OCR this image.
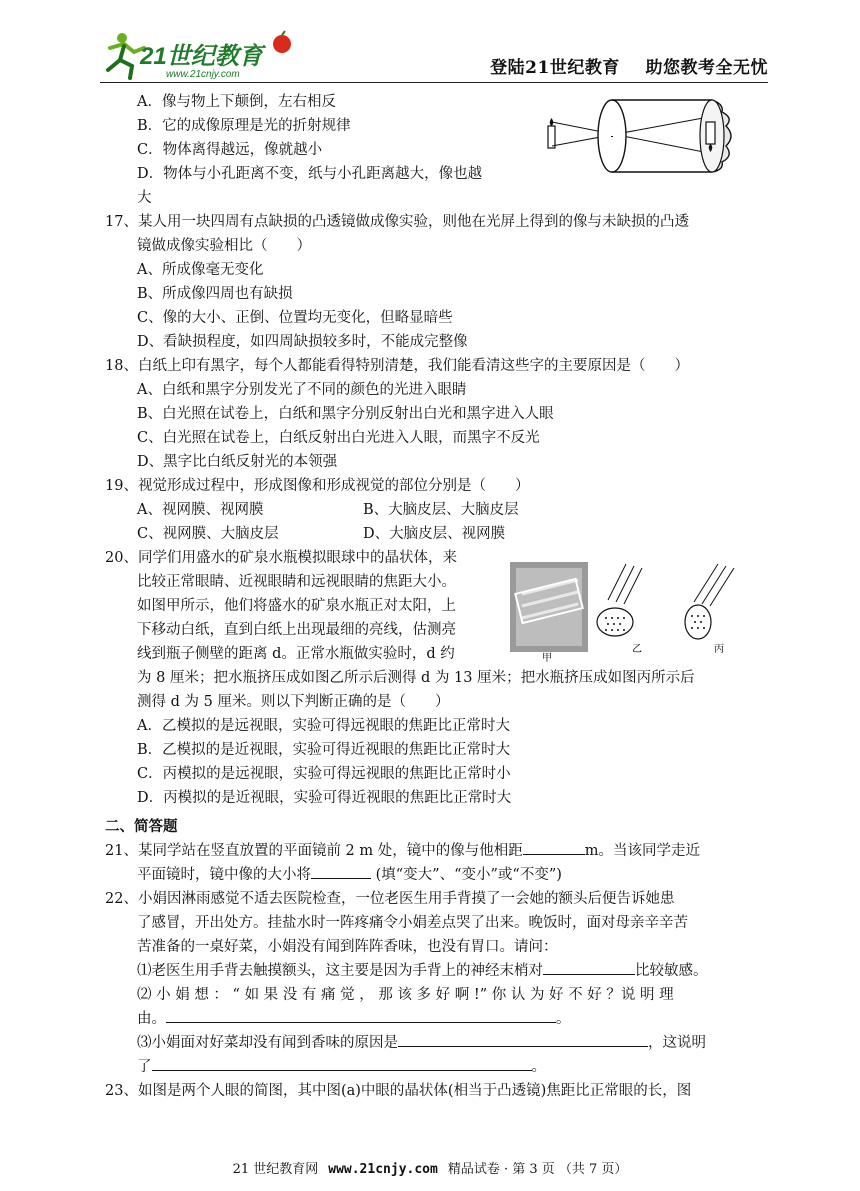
21世纪教育
www.21cnjy.com	登陆21世纪教育    助您教考全无忧
甲
乙	丙
A．像与物上下颠倒，左右相反
B．它的成像原理是光的折射规律
C．物体离得越远，像就越小
D．物体与小孔距离不变，纸与小孔距离越大，像也越
大
17、某人用一块四周有点缺损的凸透镜做成像实验，则他在光屏上得到的像与未缺损的凸透
镜做成像实验相比（　　）
A、所成像毫无变化
B、所成像四周也有缺损
C、像的大小、正倒、位置均无变化，但略显暗些
D、看缺损程度，如四周缺损较多时，不能成完整像
18、白纸上印有黑字，每个人都能看得特别清楚，我们能看清这些字的主要原因是（　　）
A、白纸和黑字分别发光了不同的颜色的光进入眼睛
B、白光照在试卷上，白纸和黑字分别反射出白光和黑字进入人眼
C、白光照在试卷上，白纸反射出白光进入人眼，而黑字不反光
D、黑字比白纸反射光的本领强
19、视觉形成过程中，形成图像和形成视觉的部位分别是（　　）
A、视网膜、视网膜	B、大脑皮层、大脑皮层
C、视网膜、大脑皮层	D、大脑皮层、视网膜
20、同学们用盛水的矿泉水瓶模拟眼球中的晶状体，来
比较正常眼睛、近视眼睛和远视眼睛的焦距大小。
如图甲所示，他们将盛水的矿泉水瓶正对太阳，上
下移动白纸，直到白纸上出现最细的亮线，估测亮
线到瓶子侧壁的距离 d。正常水瓶做实验时，d 约
为 8 厘米；把水瓶挤压成如图乙所示后测得 d 为 13 厘米；把水瓶挤压成如图丙所示后
测得 d 为 5 厘米。则以下判断正确的是（　　）
A．乙模拟的是远视眼，实验可得远视眼的焦距比正常时大
B．乙模拟的是近视眼，实验可得近视眼的焦距比正常时大
C．丙模拟的是远视眼，实验可得远视眼的焦距比正常时小
D．丙模拟的是近视眼，实验可得近视眼的焦距比正常时大
二、简答题
21、某同学站在竖直放置的平面镜前 2 m 处，镜中的像与他相距	m。当该同学走近
平面镜时，镜中像的大小将	(填“变大”、“变小”或“不变”)
22、小娟因淋雨感觉不适去医院检查，一位老医生用手背摸了一会她的额头后便告诉她患
了感冒，开出处方。挂盐水时一阵疼痛令小娟差点哭了出来。晚饭时，面对母亲辛辛苦
苦准备的一桌好菜，小娟没有闻到阵阵香味，也没有胃口。请问：
⑴老医生用手背去触摸额头，这主要是因为手背上的神经末梢对	比较敏感。
⑵ 小 娟 想 ： “ 如 果 没 有 痛 觉 ， 那 该 多 好 啊 !” 你 认 为 好 不 好 ？说 明 理
由。	。
⑶小娟面对好菜却没有闻到香味的原因是	，这说明
了	。
23、如图是两个人眼的简图，其中图(a)中眼的晶状体(相当于凸透镜)焦距比正常眼的长，图
21 世纪教育网 www.21cnjy.com 精品试卷 · 第 3 页 （共 7 页）
